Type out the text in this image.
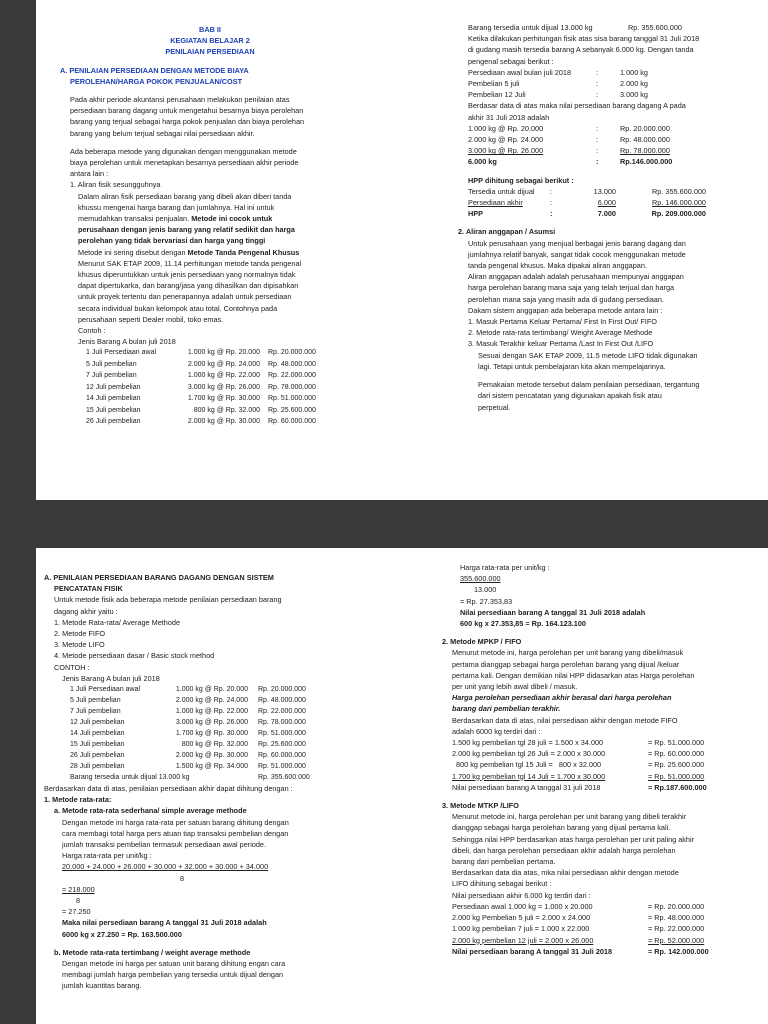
BAB II
KEGIATAN BELAJAR 2
PENILAIAN PERSEDIAAN
A. PENILAIAN PERSEDIAAN DENGAN METODE BIAYA
PEROLEHAN/HARGA POKOK PENJUALAN/COST
Pada akhir periode akuntansi perusahaan melakukan penilaian atas
persediaan barang dagang untuk mengetahui besarnya biaya perolehan
barang yang terjual sebagai harga pokok penjualan dan biaya perolehan
barang yang belum terjual sebagai nilai persediaan akhir.
Ada beberapa metode yang digunakan dengan menggunakan metode
biaya perolehan untuk menetapkan besarnya persediaan akhir periode
antara lain :
1. Aliran fisik sesungguhnya
Dalam aliran fisik persediaan barang yang dibeli akan diberi tanda
khussu mengenai harga barang dan jumlahnya. Hal ini untuk
memudahkan transaksi penjualan. Metode ini cocok untuk
perusahaan dengan jenis barang yang relatif sedikit dan harga
perolehan yang tidak bervariasi dan harga yang tinggi
Metode ini sering disebut dengan Metode Tanda Pengenal Khusus
Menurut SAK ETAP 2009, 11.14 perhitungan metode tanda pengenal
khusus diperuntukkan untuk jenis persediaan yang normalnya tidak
dapat dipertukarka, dan barang/jasa yang dihasilkan dan dipisahkan
untuk proyek tertentu dan penerapannya adalah untuk persediaan
secara individual bukan kelompok atau total. Contohnya pada
perusahaan seperti Dealer mobil, toko emas.
Contoh :
Jenis Barang A bulan juli 2018
1 Juli Persediaan awal	1.000 kg @ Rp. 20.000	Rp. 20.000.000
5 Juli pembelian	2.000 kg @ Rp. 24.000	Rp. 48.000.000
7 Juli pembelian	1.000 kg @ Rp. 22.000	Rp. 22.000.000
12 Juli pembelian	3.000 kg @ Rp. 26.000	Rp. 78.000.000
14 Juli pembelian	1.700 kg @ Rp. 30.000	Rp. 51.000.000
15 Juli pembelian	800 kg @ Rp. 32.000	Rp. 25.600.000
26 Juli pembelian	2.000 kg @ Rp. 30.000	Rp. 60.000.000
Barang tersedia untuk dijual 13.000 kg	Rp. 355.600.000
Ketika dilakukan perhitungan fisik atas sisa barang tanggal 31 Juli 2018
di gudang masih tersedia barang A sebanyak 6.000 kg. Dengan tanda
pengenal sebagai berikut :
Persediaan awal bulan juli 2018	:	1.000 kg
Pembelian 5 juli	:	2.000 kg
Pembelian 12 Juli	:	3.000 kg
Berdasar data di atas maka nilai persediaan barang dagang A pada
akhir 31 Juli 2018 adalah
1.000 kg @ Rp. 20.000	:	Rp. 20.000.000
2.000 kg @ Rp. 24.000	:	Rp. 48.000.000
3.000 kg @ Rp. 26.000	:	Rp. 78.000.000
6.000 kg	:	Rp.146.000.000
HPP dihitung sebagai berikut :
Tersedia untuk dijual	:	13.000	Rp. 355.600.000
Persediaan akhir	:	6.000	Rp. 146.000.000
HPP	:	7.000	Rp. 209.000.000
2. Aliran anggapan / Asumsi
Untuk perusahaan yang menjual berbagai jenis barang dagang dan
jumlahnya relatif banyak, sangat tidak cocok menggunakan metode
tanda pengenal khusus. Maka dipakai aliran anggapan.
Aliran anggapan adalah adalah perusahaan mempunyai anggapan
harga perolehan barang mana saja yang telah terjual dan harga
perolehan mana saja yang masih ada di gudang persediaan.
Dakam sistem anggapan ada beberapa metode antara lain :
1. Masuk Pertama Keluar Pertama/ First In First Out/ FIFO
2. Metode rata-rata tertimbang/ Weight Average Methode
3. Masuk Terakhir keluar Pertama /Last In First Out /LIFO
Sesuai dengan SAK ETAP 2009, 11.5 metode LIFO tidak digunakan
lagi. Tetapi untuk pembelajaran kita akan mempelajarinya.
Pemakaian metode tersebut dalam penilaian persediaan, tergantung
dari sistem pencatatan yang digunakan apakah fisik atau
perpetual.
A. PENILAIAN PERSEDIAAN BARANG DAGANG DENGAN SISTEM
PENCATATAN FISIK
Untuk metode fisik ada beberapa metode penilaian persediaan barang
dagang akhir yaitu :
1. Metode Rata-rata/ Average Methode
2. Metode FIFO
3. Metode LIFO
4. Metode persediaan dasar / Basic stock method
CONTOH :
Jenis Barang A bulan juli 2018
1 Juli Persediaan awal	1.000 kg @ Rp. 20.000	Rp. 20.000.000
5 Juli pembelian	2.000 kg @ Rp. 24.000	Rp. 48.000.000
7 Juli pembelian	1.000 kg @ Rp. 22.000	Rp. 22.000.000
12 Juli pembelian	3.000 kg @ Rp. 26.000	Rp. 78.000.000
14 Juli pembelian	1.700 kg @ Rp. 30.000	Rp. 51.000.000
15 Juli pembelian	800 kg @ Rp. 32.000	Rp. 25.600.000
26 Juli pembelian	2.000 kg @ Rp. 30.000	Rp. 60.000.000
28 Juli pembelian	1.500 kg @ Rp. 34.000	Rp. 51.000.000
Barang tersedia untuk dijual 13.000 kg	Rp. 355.600.000
Berdasarkan data di atas, penilaian persediaan akhir dapat dihitung dengan :
1. Metode rata-rata:
a. Metode rata-rata sederhana/ simple average methode
Dengan metode ini harga rata-rata per satuan barang dihitung dengan
cara membagi total harga pers atuan tiap transaksi pembelian dengan
jumlah transaksi pembelian termasuk persediaan awal periode.
Harga rata-rata per unit/kg :
20.000 + 24.000 + 26.000 + 30.000 + 32.000 + 30.000 + 34.000
8
= 218.000
8
= 27.250
Maka nilai persediaan barang A tanggal 31 Juli 2018 adalah
6000 kg x 27.250 = Rp. 163.500.000
b. Metode rata-rata tertimbang / weight average methode
Dengan metode ini harga per satuan unit barang dihitung engan cara
membagi jumlah harga pembelian yang tersedia untuk dijual dengan
jumlah kuantitas barang.
Harga rata-rata per unit/kg :
355.600.000
13.000
= Rp. 27.353,83
Nilai persediaan barang A tanggal 31 Juli 2018 adalah
600 kg x 27.353,85 = Rp. 164.123.100
2. Metode MPKP / FIFO
Menurut metode ini, harga perolehan per unit barang yang dibeli/masuk
pertama dianggap sebagai harga perolehan barang yang dijual /keluar
pertama kali. Dengan demikian nilai HPP didasarkan atas Harga perolehan
per unit yang lebih awal dibeli / masuk.
Harga perolehan persediaan akhir berasal dari harga perolehan
barang dari pembelian terakhir.
Berdasarkan data di atas, nilai persediaan akhir dengan metode FIFO
adalah 6000 kg terdiri dari :
1.500 kg pembelian tgl 28 juli = 1.500 x 34.000	= Rp. 51.000.000
2.000 kg pembelian tgl 26 Juli = 2.000 x 30.000	= Rp. 60.000.000
800 kg pembelian tgl 15 Juli =   800 x 32.000	= Rp. 25.600.000
1.700 kg pembelian tgl 14 Juli = 1.700 x 30.000	= Rp. 51.000.000
Nilai persediaan barang A tanggal 31 juli 2018	= Rp.187.600.000
3. Metode MTKP /LIFO
Menurut metode ini, harga perolehan per unit barang yang dibeli terakhir
dianggap sebagai harga perolehan barang yang dijual pertama kali.
Sehingga nilai HPP berdasarkan atas harga perolehan per unit paling akhir
dibeli, dan harga perolehan persediaan akhir adalah harga perolehan
barang dari pembelian pertama.
Berdasarkan data dia atas, mka nilai persediaan akhir dengan metode
LIFO dihitung sebagai berikut :
Nilai persediaan akhir 6.000 kg terdiri dari :
Persediaan awal 1.000 kg = 1.000 x 20.000	= Rp. 20.000.000
2.000 kg Pembelian 5 juli = 2.000 x 24.000	= Rp. 48.000.000
1.000 kg pembelian 7 juli = 1.000 x 22.000	= Rp. 22.000.000
2.000 kg pembelian 12 juli = 2.000 x 26.000	= Rp. 52.000.000
Nilai persediaan barang A tanggal 31 Juli 2018	= Rp. 142.000.000
